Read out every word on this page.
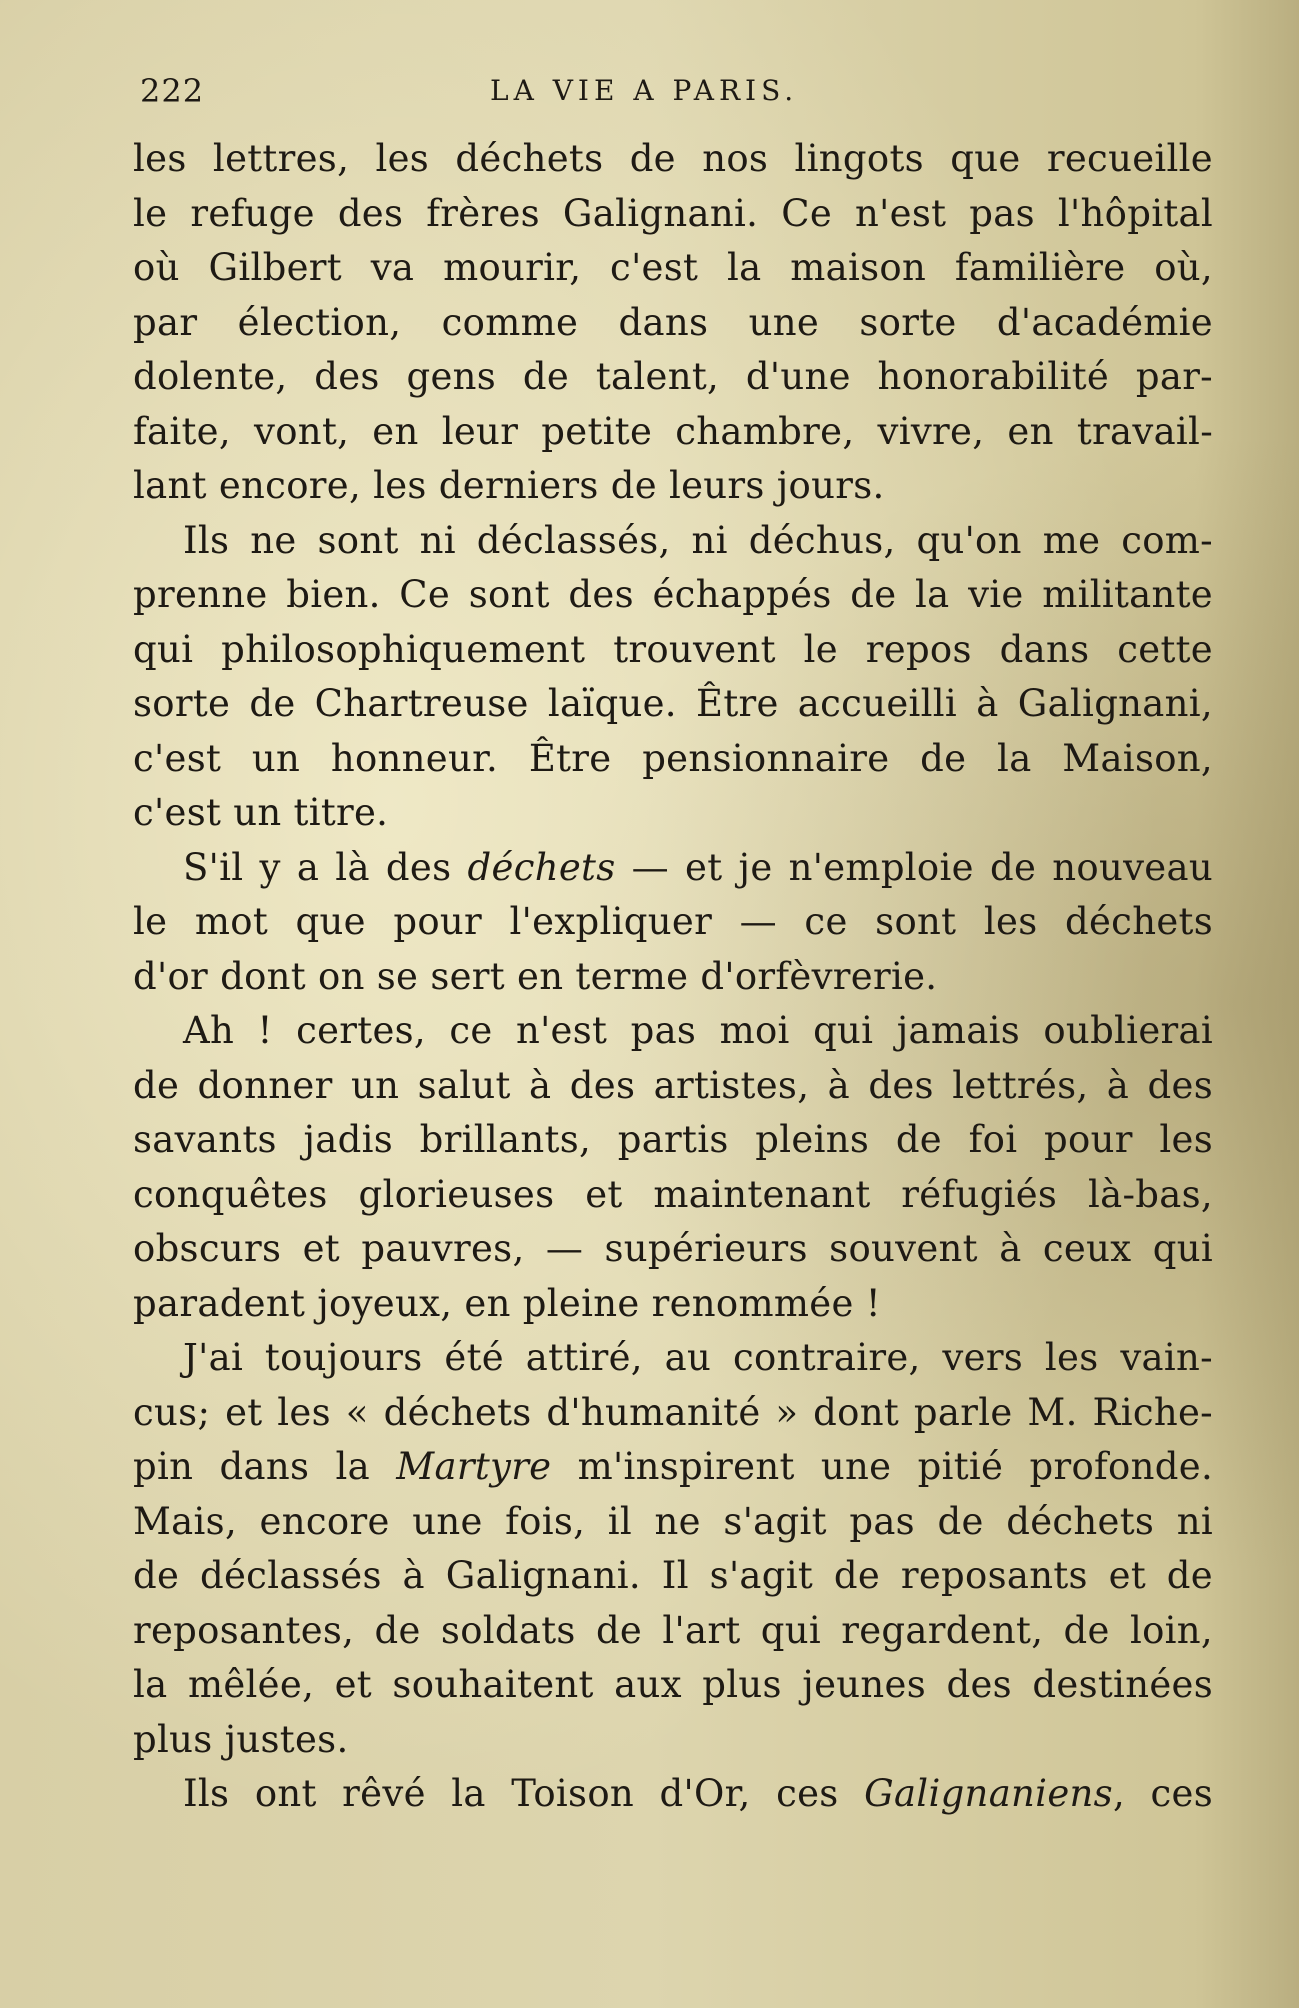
222	LA VIE A PARIS.
les lettres, les déchets de nos lingots que recueille
le refuge des frères Galignani. Ce n'est pas l'hôpital
où Gilbert va mourir, c'est la maison familière où,
par élection, comme dans une sorte d'académie
dolente, des gens de talent, d'une honorabilité par-
faite, vont, en leur petite chambre, vivre, en travail-
lant encore, les derniers de leurs jours.
Ils ne sont ni déclassés, ni déchus, qu'on me com-
prenne bien. Ce sont des échappés de la vie militante
qui philosophiquement trouvent le repos dans cette
sorte de Chartreuse laïque. Être accueilli à Galignani,
c'est un honneur. Être pensionnaire de la Maison,
c'est un titre.
S'il y a là des déchets — et je n'emploie de nouveau
le mot que pour l'expliquer — ce sont les déchets
d'or dont on se sert en terme d'orfèvrerie.
Ah ! certes, ce n'est pas moi qui jamais oublierai
de donner un salut à des artistes, à des lettrés, à des
savants jadis brillants, partis pleins de foi pour les
conquêtes glorieuses et maintenant réfugiés là-bas,
obscurs et pauvres, — supérieurs souvent à ceux qui
paradent joyeux, en pleine renommée !
J'ai toujours été attiré, au contraire, vers les vain-
cus; et les « déchets d'humanité » dont parle M. Riche-
pin dans la Martyre m'inspirent une pitié profonde.
Mais, encore une fois, il ne s'agit pas de déchets ni
de déclassés à Galignani. Il s'agit de reposants et de
reposantes, de soldats de l'art qui regardent, de loin,
la mêlée, et souhaitent aux plus jeunes des destinées
plus justes.
Ils ont rêvé la Toison d'Or, ces Galignaniens, ces
